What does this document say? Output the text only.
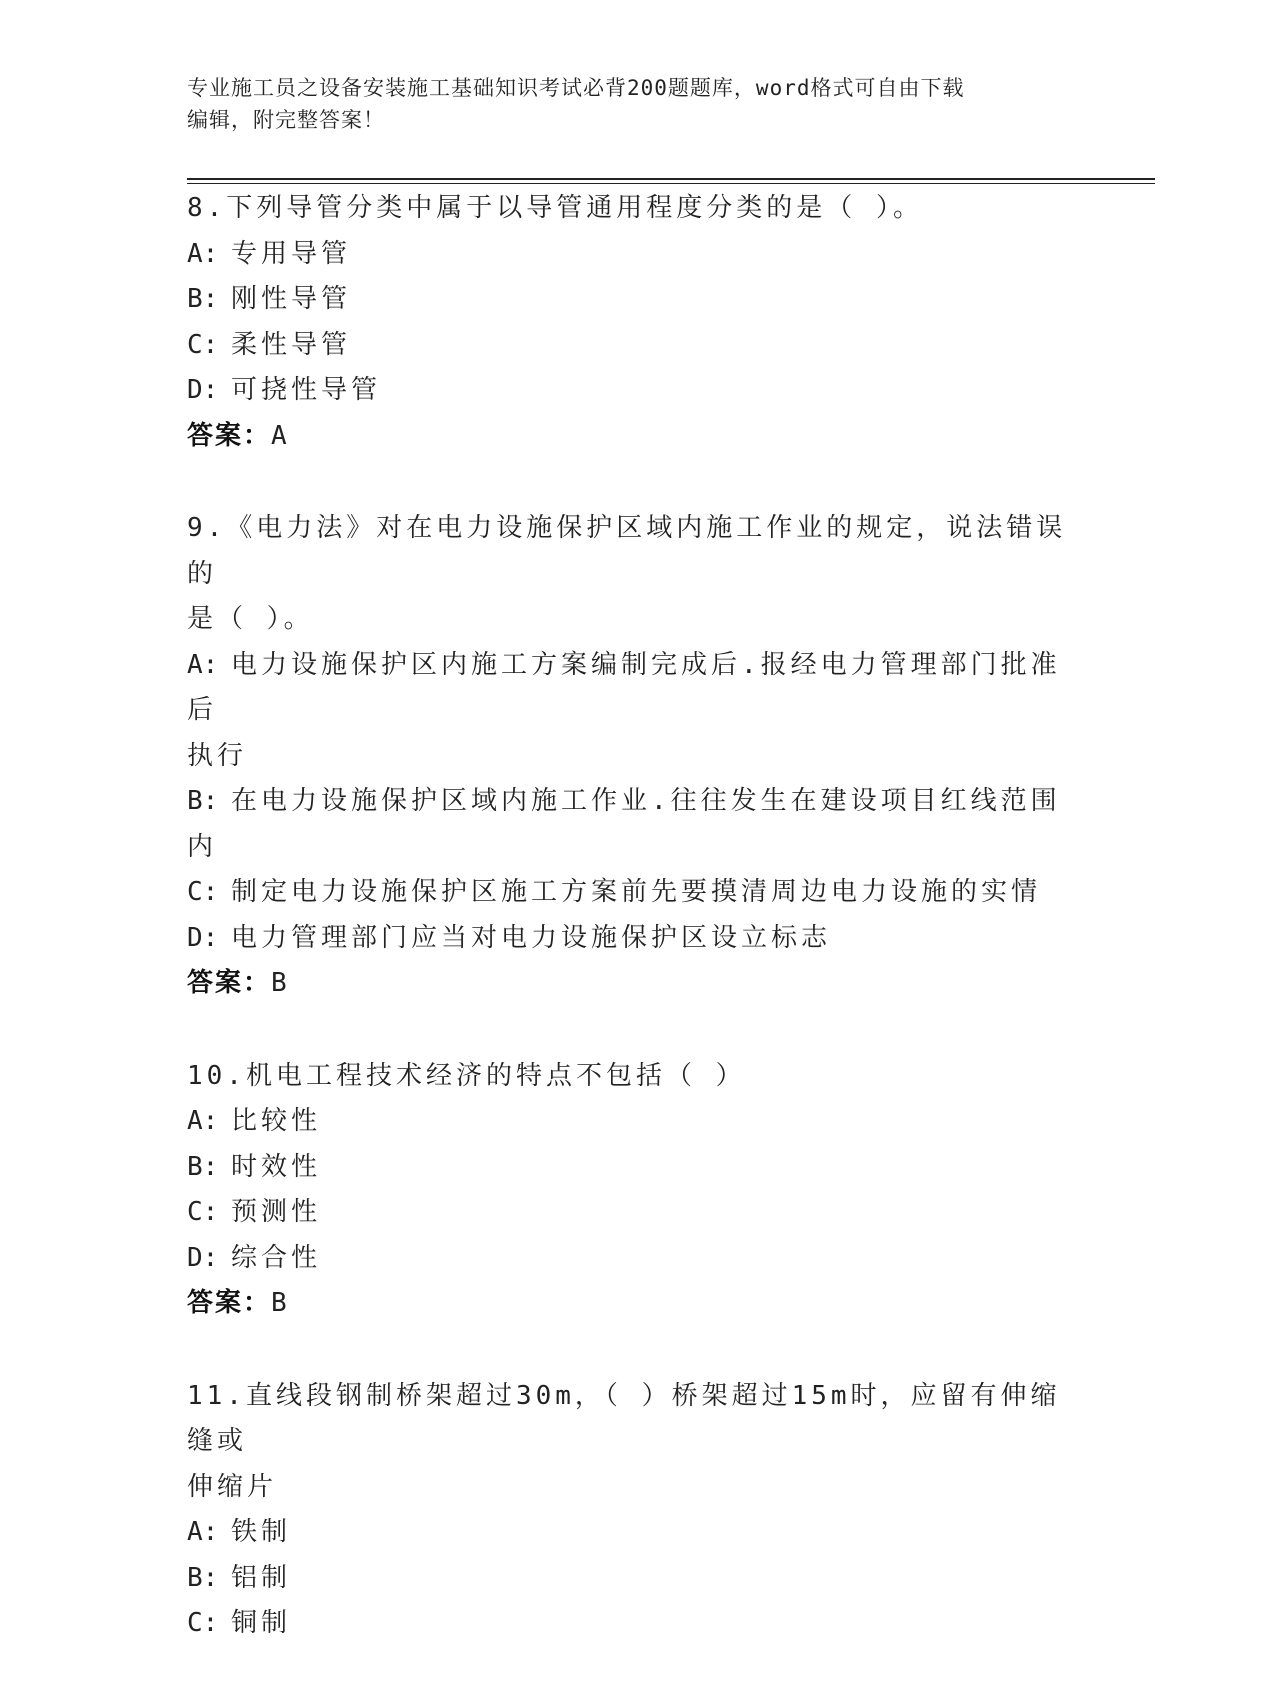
专业施工员之设备安装施工基础知识考试必背200题题库，word格式可自由下载
编辑，附完整答案！
8.下列导管分类中属于以导管通用程度分类的是（ ）。
A: 专用导管
B: 刚性导管
C: 柔性导管
D: 可挠性导管
答案：A
9.《电力法》对在电力设施保护区域内施工作业的规定，说法错误的
是（ ）。
A: 电力设施保护区内施工方案编制完成后.报经电力管理部门批准后
执行
B: 在电力设施保护区域内施工作业.往往发生在建设项目红线范围内
C: 制定电力设施保护区施工方案前先要摸清周边电力设施的实情
D: 电力管理部门应当对电力设施保护区设立标志
答案：B
10.机电工程技术经济的特点不包括（ ）
A: 比较性
B: 时效性
C: 预测性
D: 综合性
答案：B
11.直线段钢制桥架超过30m，（ ）桥架超过15m时，应留有伸缩缝或
伸缩片
A: 铁制
B: 铝制
C: 铜制
